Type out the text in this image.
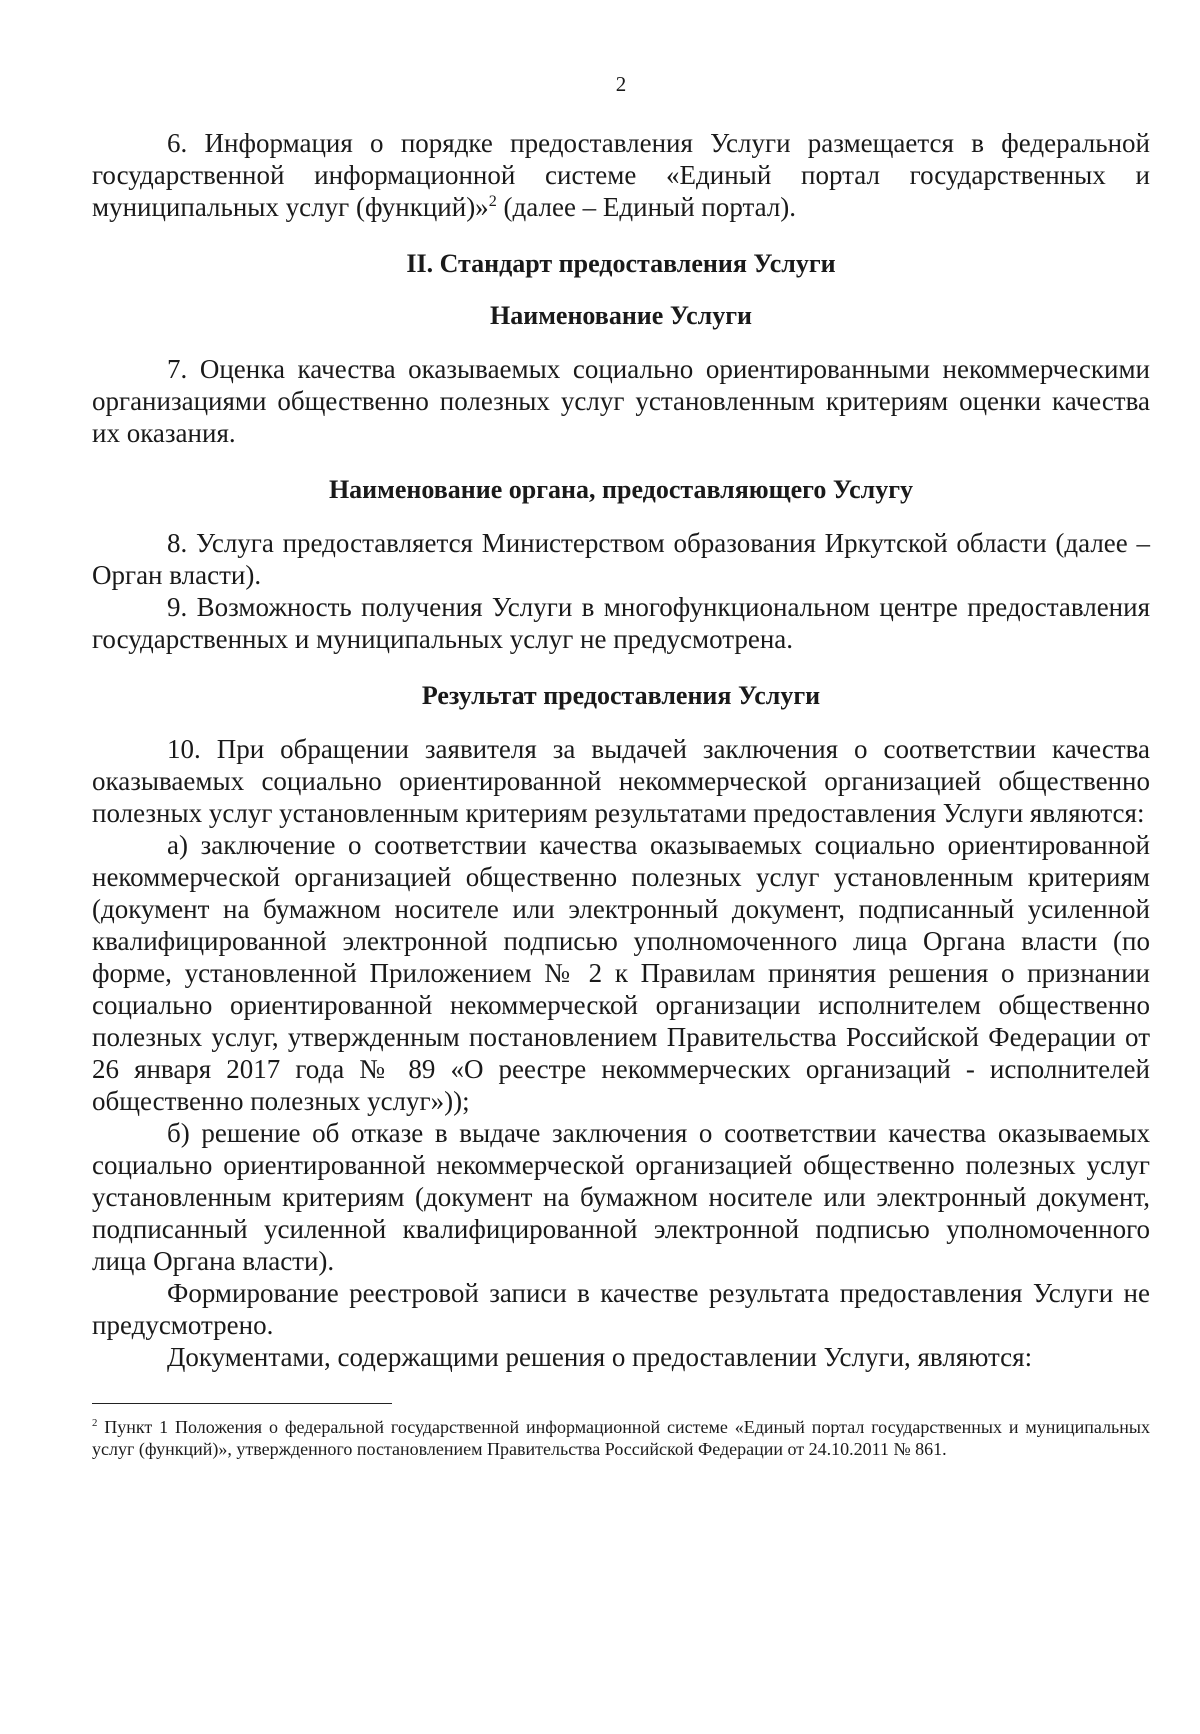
2

6. Информация о порядке предоставления Услуги размещается в федеральной государственной информационной системе «Единый портал государственных и муниципальных услуг (функций)»$^2$ (далее – Единый портал).

II. Стандарт предоставления Услуги
Наименование Услуги

7. Оценка качества оказываемых социально ориентированными некоммерческими организациями общественно полезных услуг установленным критериям оценки качества их оказания.

Наименование органа, предоставляющего Услугу

8. Услуга предоставляется Министерством образования Иркутской области (далее – Орган власти).

9. Возможность получения Услуги в многофункциональном центре предоставления государственных и муниципальных услуг не предусмотрена.

Результат предоставления Услуги

10. При обращении заявителя за выдачей заключения о соответствии качества оказываемых социально ориентированной некоммерческой организацией общественно полезных услуг установленным критериям результатами предоставления Услуги являются:

а) заключение о соответствии качества оказываемых социально ориентированной некоммерческой организацией общественно полезных услуг установленным критериям (документ на бумажном носителе или электронный документ, подписанный усиленной квалифицированной электронной подписью уполномоченного лица Органа власти (по форме, установленной Приложением № 2 к Правилам принятия решения о признании социально ориентированной некоммерческой организации исполнителем общественно полезных услуг, утвержденным постановлением Правительства Российской Федерации от 26 января 2017 года № 89 «О реестре некоммерческих организаций - исполнителей общественно полезных услуг»));

б) решение об отказе в выдаче заключения о соответствии качества оказываемых социально ориентированной некоммерческой организацией общественно полезных услуг установленным критериям (документ на бумажном носителе или электронный документ, подписанный усиленной квалифицированной электронной подписью уполномоченного лица Органа власти).

Формирование реестровой записи в качестве результата предоставления Услуги не предусмотрено.

Документами, содержащими решения о предоставлении Услуги, являются:

$^2$ Пункт 1 Положения о федеральной государственной информационной системе «Единый портал государственных и муниципальных услуг (функций)», утвержденного постановлением Правительства Российской Федерации от 24.10.2011 № 861.
